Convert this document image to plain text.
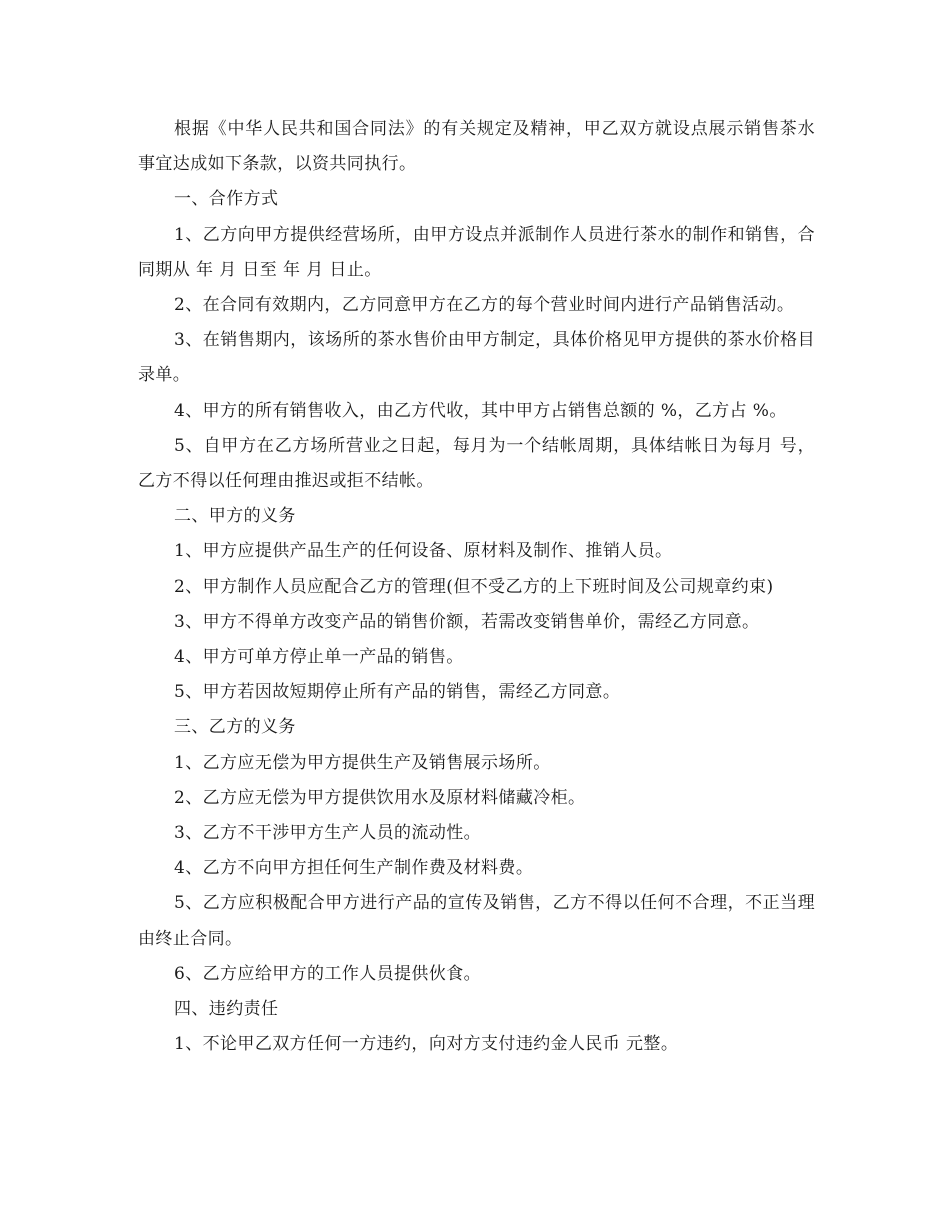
根据《中华人民共和国合同法》的有关规定及精神，甲乙双方就设点展示销售茶水事宜达成如下条款，以资共同执行。

一、合作方式

1、乙方向甲方提供经营场所，由甲方设点并派制作人员进行茶水的制作和销售，合同期从 年 月 日至 年 月 日止。

2、在合同有效期内，乙方同意甲方在乙方的每个营业时间内进行产品销售活动。

3、在销售期内，该场所的茶水售价由甲方制定，具体价格见甲方提供的茶水价格目录单。

4、甲方的所有销售收入，由乙方代收，其中甲方占销售总额的 %，乙方占 %。

5、自甲方在乙方场所营业之日起，每月为一个结帐周期，具体结帐日为每月 号，乙方不得以任何理由推迟或拒不结帐。

二、甲方的义务

1、甲方应提供产品生产的任何设备、原材料及制作、推销人员。

2、甲方制作人员应配合乙方的管理(但不受乙方的上下班时间及公司规章约束)

3、甲方不得单方改变产品的销售价额，若需改变销售单价，需经乙方同意。

4、甲方可单方停止单一产品的销售。

5、甲方若因故短期停止所有产品的销售，需经乙方同意。

三、乙方的义务

1、乙方应无偿为甲方提供生产及销售展示场所。

2、乙方应无偿为甲方提供饮用水及原材料储藏冷柜。

3、乙方不干涉甲方生产人员的流动性。

4、乙方不向甲方担任何生产制作费及材料费。

5、乙方应积极配合甲方进行产品的宣传及销售，乙方不得以任何不合理，不正当理由终止合同。

6、乙方应给甲方的工作人员提供伙食。

四、违约责任

1、不论甲乙双方任何一方违约，向对方支付违约金人民币 元整。
